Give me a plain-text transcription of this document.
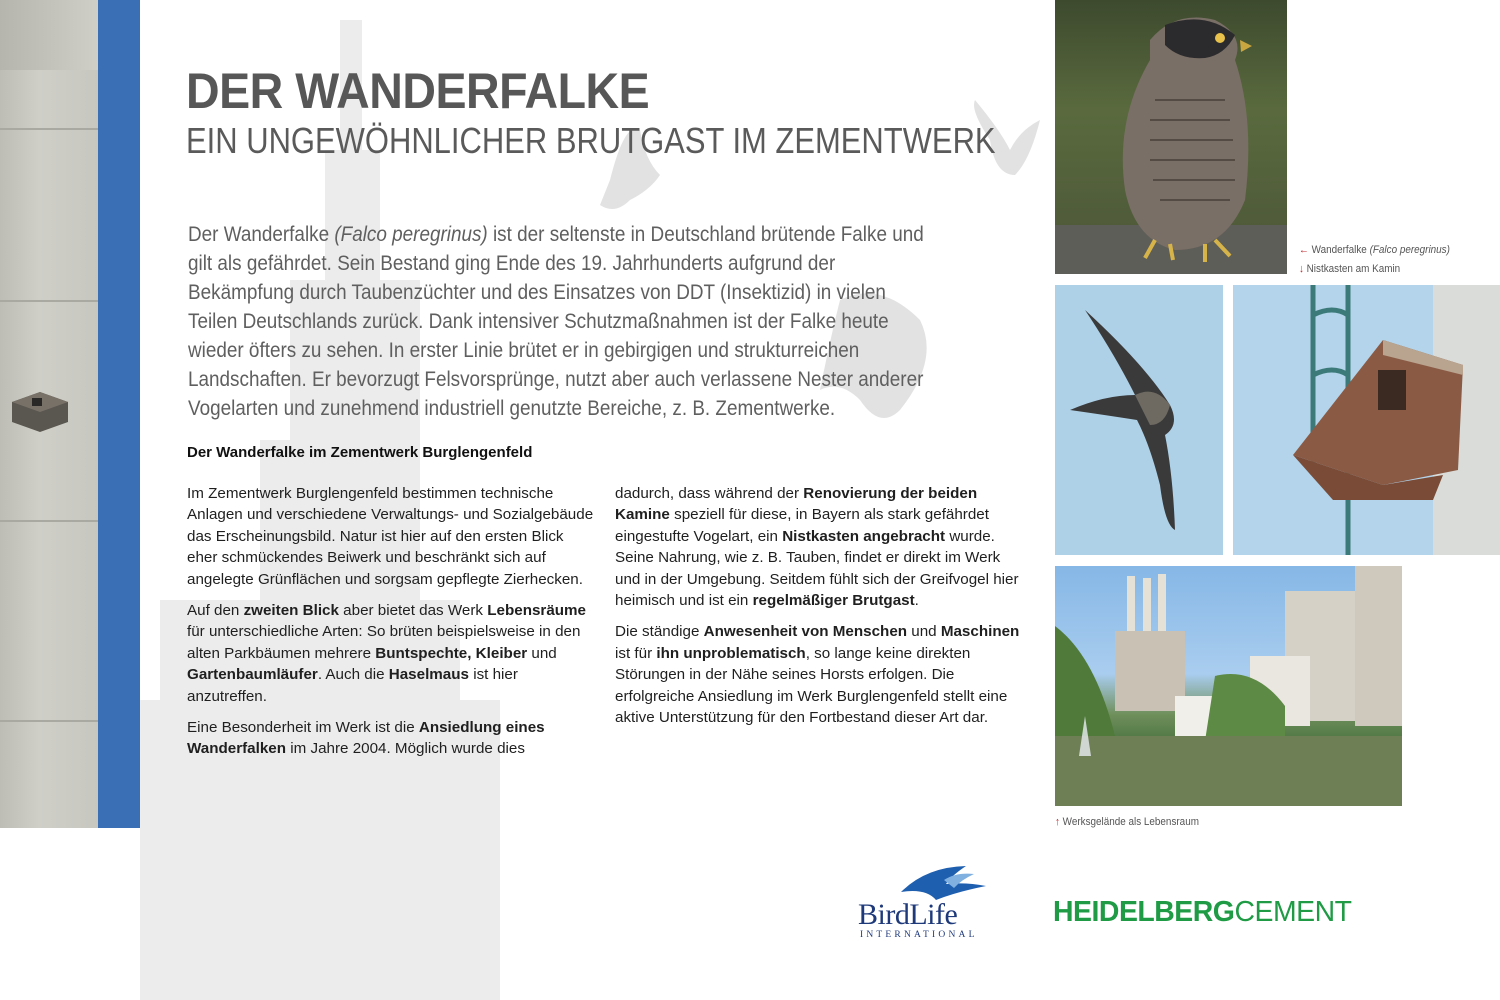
DER WANDERFALKE
EIN UNGEWÖHNLICHER BRUTGAST IM ZEMENTWERK

Der Wanderfalke (Falco peregrinus) ist der seltenste in Deutschland brütende Falke und gilt als gefährdet. Sein Bestand ging Ende des 19. Jahrhunderts aufgrund der Bekämpfung durch Taubenzüchter und des Einsatzes von DDT (Insektizid) in vielen Teilen Deutschlands zurück. Dank intensiver Schutzmaßnahmen ist der Falke heute wieder öfters zu sehen. In erster Linie brütet er in gebirgigen und strukturreichen Landschaften. Er bevorzugt Felsvorsprünge, nutzt aber auch verlassene Nester anderer Vogelarten und zunehmend industriell genutzte Bereiche, z. B. Zementwerke.

Der Wanderfalke im Zementwerk Burglengenfeld

Im Zementwerk Burglengenfeld bestimmen technische Anlagen und verschiedene Verwaltungs- und Sozialgebäude das Erscheinungsbild. Natur ist hier auf den ersten Blick eher schmückendes Beiwerk und beschränkt sich auf angelegte Grünflächen und sorgsam gepflegte Zierhecken.

Auf den zweiten Blick aber bietet das Werk Lebensräume für unterschiedliche Arten: So brüten beispielsweise in den alten Parkbäumen mehrere Buntspechte, Kleiber und Gartenbaumläufer. Auch die Haselmaus ist hier anzutreffen.

Eine Besonderheit im Werk ist die Ansiedlung eines Wanderfalken im Jahre 2004. Möglich wurde dies

dadurch, dass während der Renovierung der beiden Kamine speziell für diese, in Bayern als stark gefährdet eingestufte Vogelart, ein Nistkasten angebracht wurde. Seine Nahrung, wie z. B. Tauben, findet er direkt im Werk und in der Umgebung. Seitdem fühlt sich der Greifvogel hier heimisch und ist ein regelmäßiger Brutgast.

Die ständige Anwesenheit von Menschen und Maschinen ist für ihn unproblematisch, so lange keine direkten Störungen in der Nähe seines Horsts erfolgen. Die erfolgreiche Ansiedlung im Werk Burglengenfeld stellt eine aktive Unterstützung für den Fortbestand dieser Art dar.

← Wanderfalke (Falco peregrinus)
↓ Nistkasten am Kamin
↑ Werksgelände als Lebensraum
BirdLife
INTERNATIONAL
HEIDELBERGCEMENT
